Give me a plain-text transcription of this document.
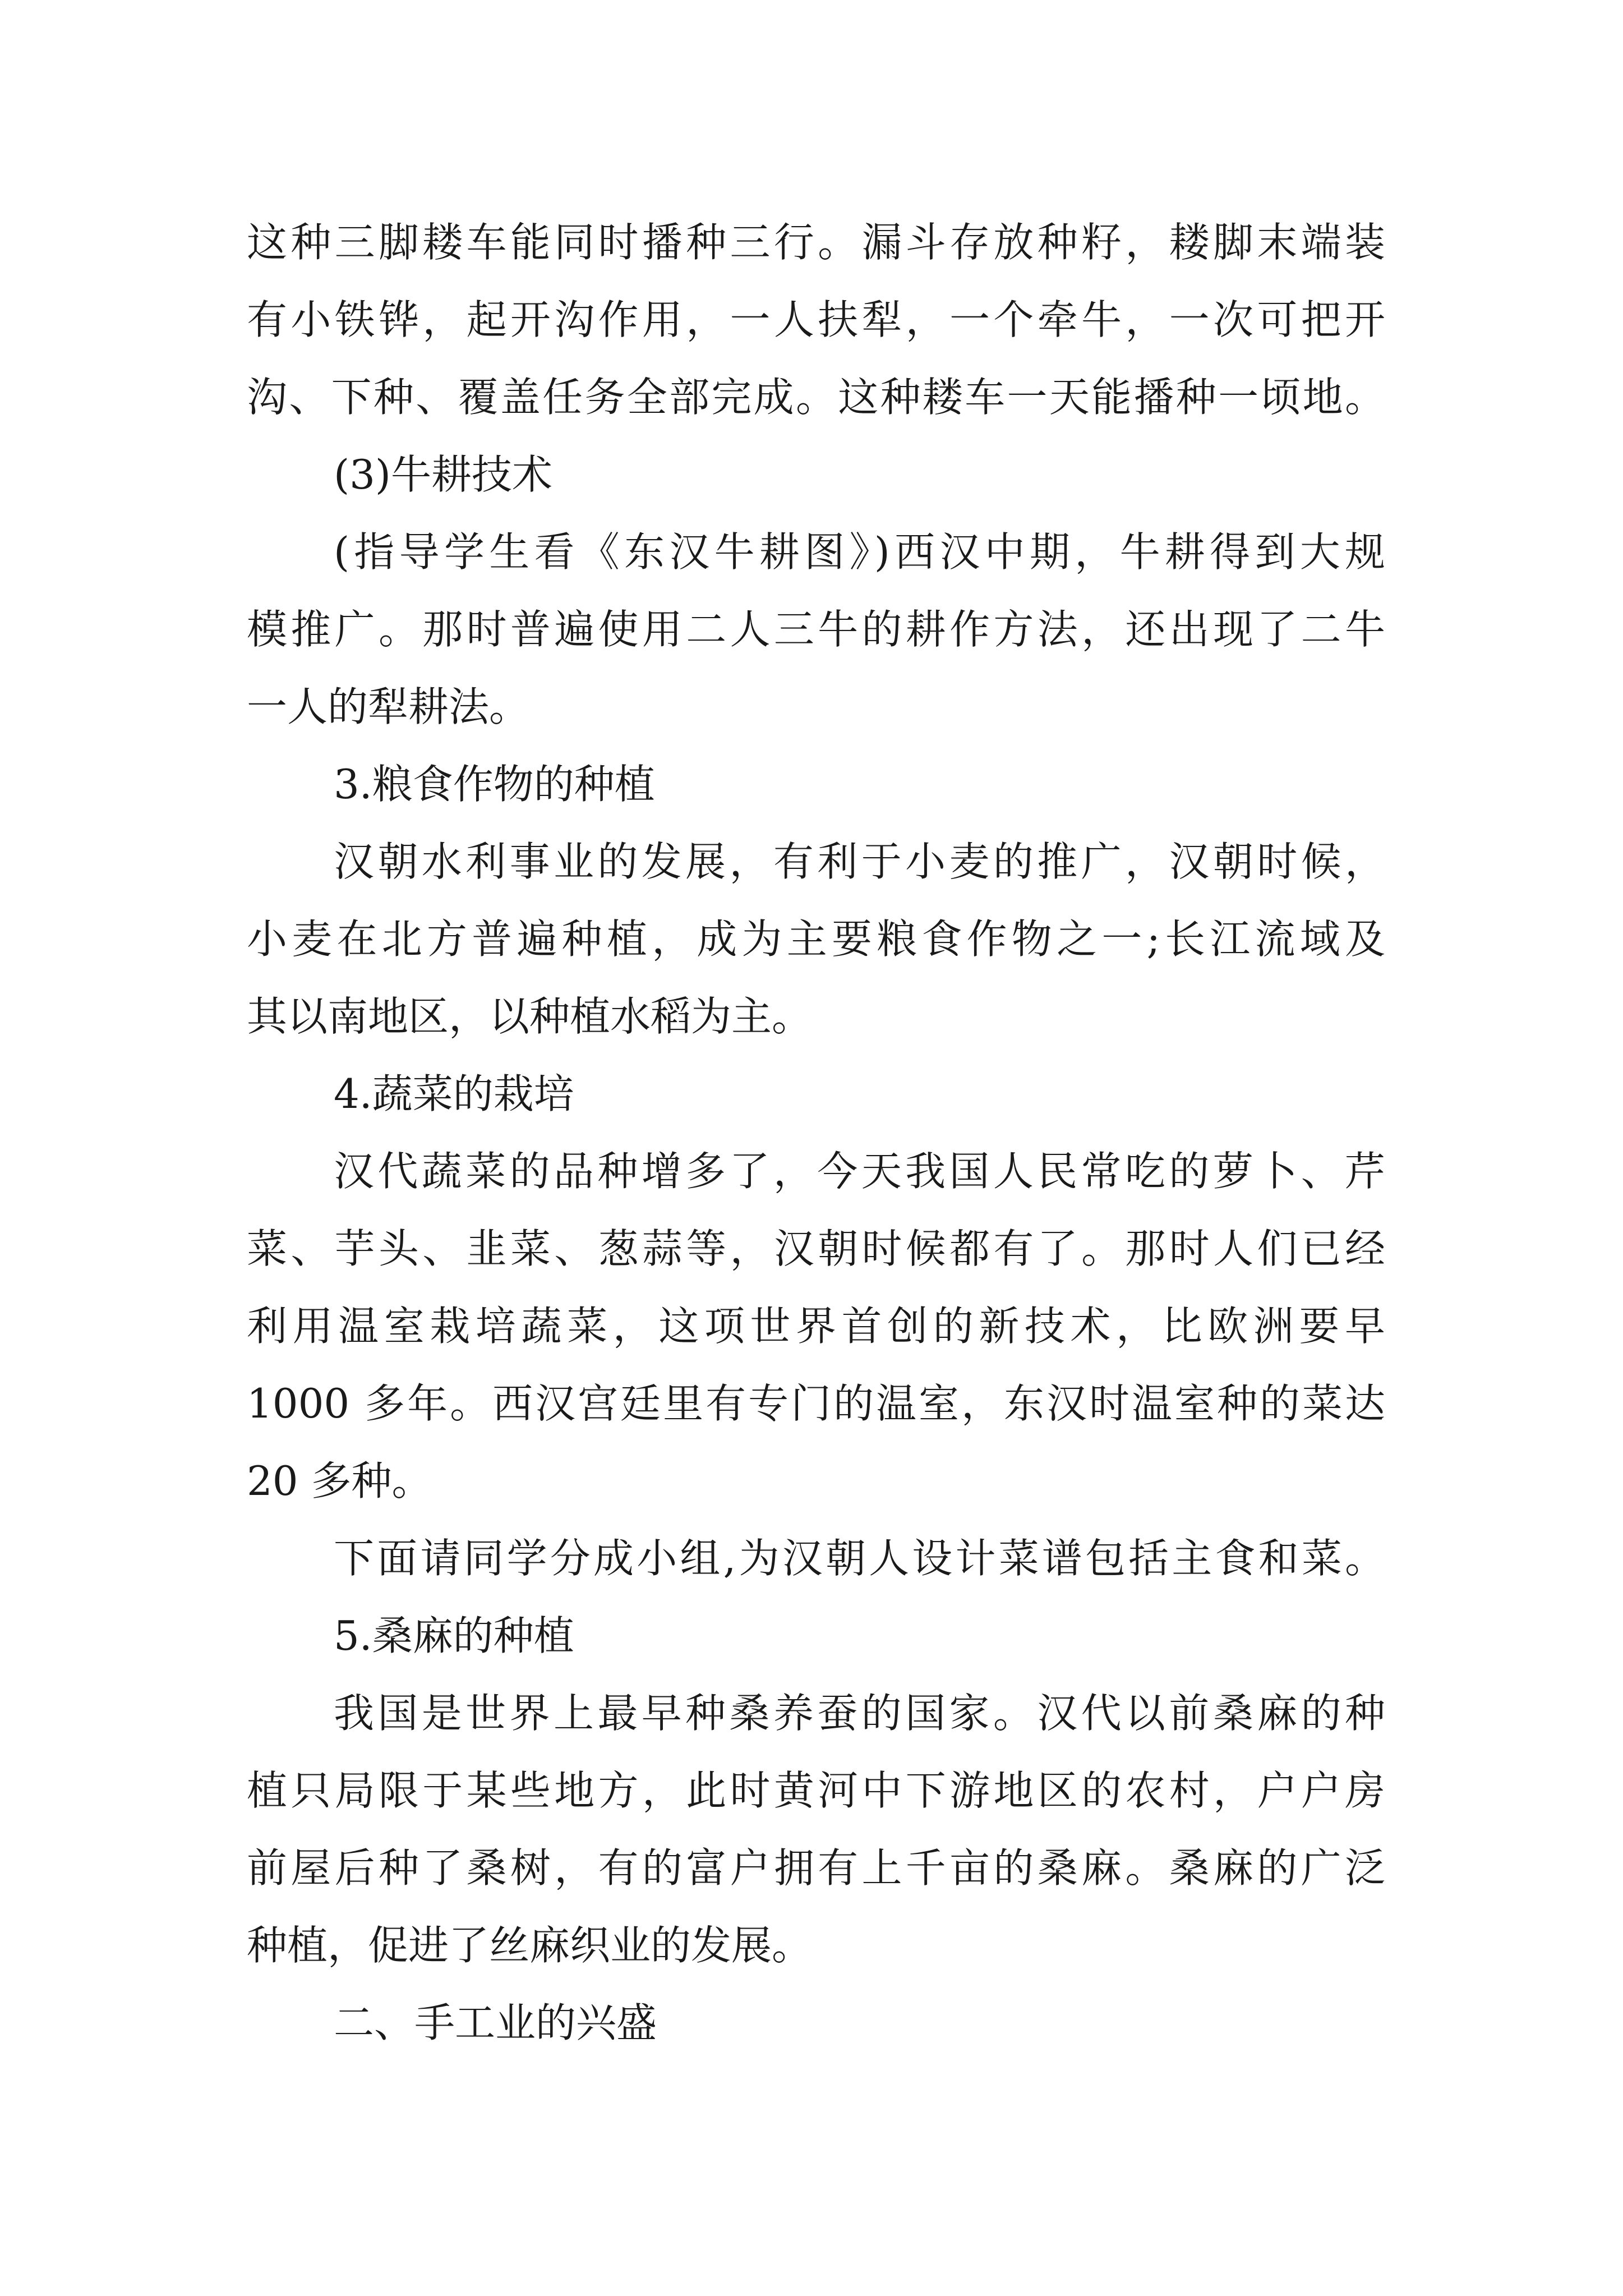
这种三脚耧车能同时播种三行。漏斗存放种籽，耧脚末端装
有小铁铧，起开沟作用，一人扶犁，一个牵牛，一次可把开
沟、下种、覆盖任务全部完成。这种耧车一天能播种一顷地。
(3)牛耕技术
(指导学生看《东汉牛耕图》)西汉中期，牛耕得到大规
模推广。那时普遍使用二人三牛的耕作方法，还出现了二牛
一人的犁耕法。
3.粮食作物的种植
汉朝水利事业的发展，有利于小麦的推广，汉朝时候，
小麦在北方普遍种植，成为主要粮食作物之一;长江流域及
其以南地区，以种植水稻为主。
4.蔬菜的栽培
汉代蔬菜的品种增多了，今天我国人民常吃的萝卜、芹
菜、芋头、韭菜、葱蒜等，汉朝时候都有了。那时人们已经
利用温室栽培蔬菜，这项世界首创的新技术，比欧洲要早
1000 多年。西汉宫廷里有专门的温室，东汉时温室种的菜达
20 多种。
下面请同学分成小组,为汉朝人设计菜谱包括主食和菜。
5.桑麻的种植
我国是世界上最早种桑养蚕的国家。汉代以前桑麻的种
植只局限于某些地方，此时黄河中下游地区的农村，户户房
前屋后种了桑树，有的富户拥有上千亩的桑麻。桑麻的广泛
种植，促进了丝麻织业的发展。
二、手工业的兴盛
